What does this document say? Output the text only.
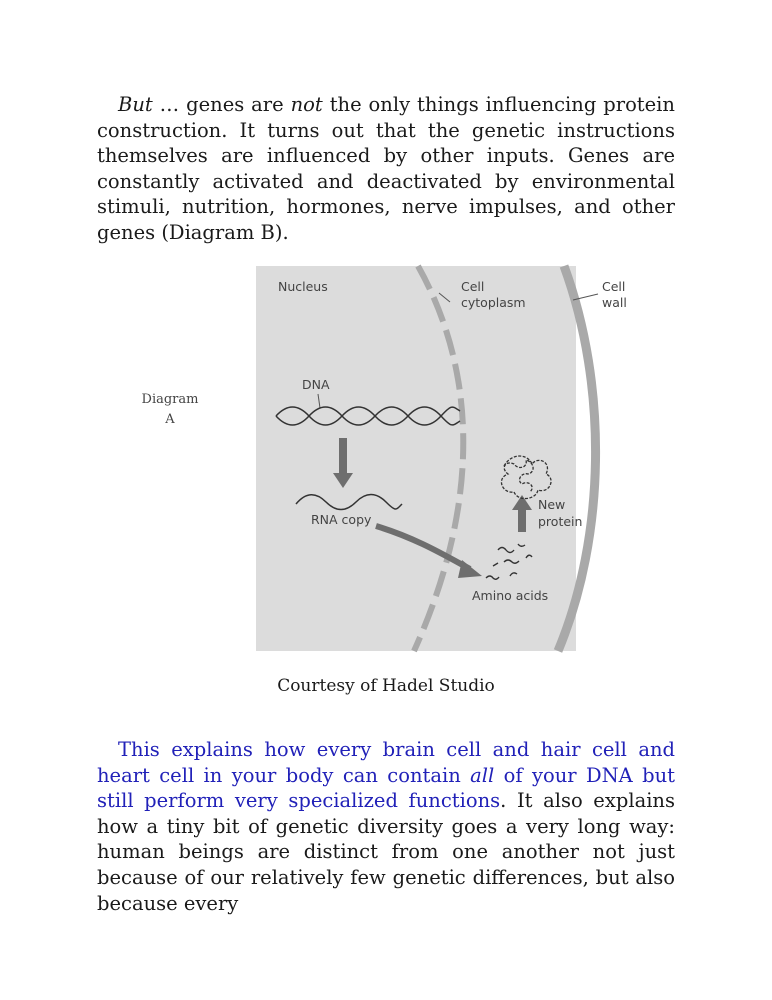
But … genes are not the only things influencing protein construction. It turns out that the genetic instructions themselves are influenced by other inputs. Genes are constantly activated and deactivated by environmental stimuli, nutrition, hormones, nerve impulses, and other genes (Diagram B).

Diagram
A
Nucleus	Cell
cytoplasm
Cell
wall
DNA
RNA copy
New
protein
Amino acids
Courtesy of Hadel Studio

This explains how every brain cell and hair cell and heart cell in your body can contain all of your DNA but still perform very specialized functions. It also explains how a tiny bit of genetic diversity goes a very long way: human beings are distinct from one another not just because of our relatively few genetic differences, but also because every
